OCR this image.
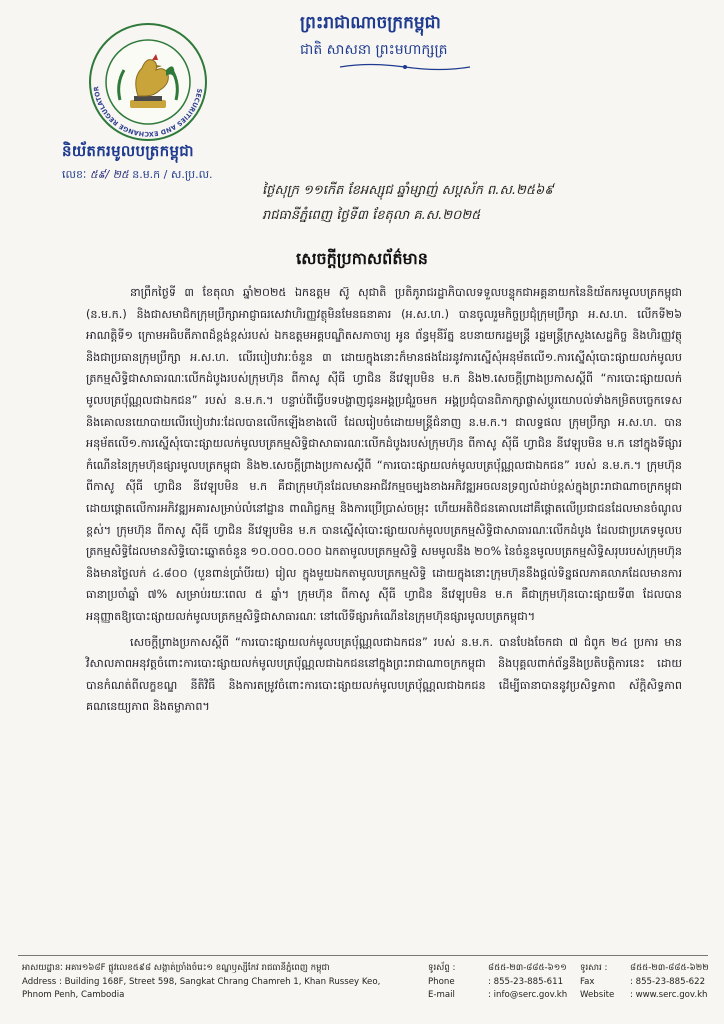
SECURITIES AND EXCHANGE REGULATOR
និយ័តករមូលបត្រកម្ពុជា
លេខៈ ៥៩/ ២៥ ន.ម.ក / ស.ប្រ.ល.
ព្រះរាជាណាចក្រកម្ពុជា
ជាតិ សាសនា ព្រះមហាក្សត្រ
ថ្ងៃសុក្រ ១១កើត ខែអស្សុជ ឆ្នាំម្សាញ់ សប្តស័ក ព.ស.២៥៦៩
រាជធានីភ្នំពេញ ថ្ងៃទី៣ ខែតុលា គ.ស.២០២៥
សេចក្តីប្រកាសព័ត៌មាន

នាព្រឹកថ្ងៃទី ៣ ខែតុលា ឆ្នាំ២០២៥ ឯកឧត្តម ស៊ូ សុជាតិ ប្រតិភូរាជរដ្ឋាភិបាលទទួលបន្ទុកជាអគ្គនាយកនៃនិយ័តករមូលបត្រកម្ពុជា (ន.ម.ក.) និងជាសមាជិកក្រុមប្រឹក្សាអាជ្ញាធរសេវាហិរញ្ញវត្ថុមិនមែនធនាគារ (អ.ស.ហ.) បានចូលរួមកិច្ចប្រជុំក្រុមប្រឹក្សា អ.ស.ហ. លើកទី២៦ អាណត្តិទី១ ក្រោមអធិបតីភាពដ៏ខ្ពង់ខ្ពស់របស់ ឯកឧត្តមអគ្គបណ្ឌិតសភាចារ្យ អូន ព័ន្ធមុនីរ័ត្ន ឧបនាយករដ្ឋមន្ត្រី រដ្ឋមន្ត្រីក្រសួងសេដ្ឋកិច្ច និងហិរញ្ញវត្ថុ និងជាប្រធានក្រុមប្រឹក្សា អ.ស.ហ. លើរបៀបវារៈចំនួន ៣ ដោយក្នុងនោះក៏មានផងដែរនូវការស្នើសុំអនុម័តលើ១.ការស្នើសុំបោះផ្សាយលក់មូលបត្រកម្មសិទ្ធិជាសាធារណៈលើកដំបូងរបស់ក្រុមហ៊ុន ពីកាសូ ស៊ីធី ហ្វាជិន នីវេឡុបមិន ម.ក និង២.សេចក្តីព្រាងប្រកាសស្តីពី “ការបោះផ្សាយលក់មូលបត្រប៉័ណ្ណលជាឯកជន” របស់ ន.ម.ក.។ បន្ទាប់ពីធ្វើបទបង្ហាញជូនអង្គប្រជុំរួចមក អង្គប្រជុំបានពិភាក្សាផ្លាស់ប្តូរយោបល់ទាំងកម្រិតបច្ចេកទេស និងគោលនយោបាយលើរបៀបវារៈដែលបានលើកឡើងខាងលើ ដែលរៀបចំដោយមន្ត្រីជំនាញ ន.ម.ក.។ ជាលទ្ធផល ក្រុមប្រឹក្សា អ.ស.ហ. បានអនុម័តលើ១.ការស្នើសុំបោះផ្សាយលក់មូលបត្រកម្មសិទ្ធិជាសាធារណៈលើកដំបូងរបស់ក្រុមហ៊ុន ពីកាសូ ស៊ីធី ហ្វាជិន នីវេឡុបមិន ម.ក នៅក្នុងទីផ្សារកំណើននៃក្រុមហ៊ុនផ្សារមូលបត្រកម្ពុជា និង២.សេចក្តីព្រាងប្រកាសស្តីពី “ការបោះផ្សាយលក់មូលបត្រប៉័ណ្ណលជាឯកជន” របស់ ន.ម.ក.។ ក្រុមហ៊ុន ពីកាសូ ស៊ីធី ហ្វាជិន នីវេឡុបមិន ម.ក គឺជាក្រុមហ៊ុនដែលមានអាជីវកម្មចម្បងខាងអភិវឌ្ឍអចលនទ្រព្យលំដាប់ខ្ពស់ក្នុងព្រះរាជាណាចក្រកម្ពុជា ដោយផ្តោតលើការអភិវឌ្ឍអគារសម្រាប់លំនៅដ្ឋាន ពាណិជ្ជកម្ម និងការប្រើប្រាស់ចម្រុះ ហើយអតិថិជនគោលដៅគឺផ្តោតលើប្រជាជនដែលមានចំណូលខ្ពស់។ ក្រុមហ៊ុន ពីកាសូ ស៊ីធី ហ្វាជិន នីវេឡុបមិន ម.ក បានស្នើសុំបោះផ្សាយលក់មូលបត្រកម្មសិទ្ធិជាសាធារណៈលើកដំបូង ដែលជាប្រភេទមូលបត្រកម្មសិទ្ធិដែលមានសិទ្ធិបោះឆ្នោតចំនួន ១០.០០០.០០០ ឯកតាមូលបត្រកម្មសិទ្ធិ សមមូលនឹង ២០% នៃចំនួនមូលបត្រកម្មសិទ្ធិសរុបរបស់ក្រុមហ៊ុន និងមានថ្លៃលក់ ៤.៨០០ (បួនពាន់ប្រាំបីរយ) រៀល ក្នុងមួយឯកតាមូលបត្រកម្មសិទ្ធិ ដោយក្នុងនោះក្រុមហ៊ុននឹងផ្តល់ទិន្នផលភាគលាភដែលមានការធានាប្រចាំឆ្នាំ ៧% សម្រាប់រយៈពេល ៥ ឆ្នាំ។ ក្រុមហ៊ុន ពីកាសូ ស៊ីធី ហ្វាជិន នីវេឡុបមិន ម.ក គឺជាក្រុមហ៊ុនបោះផ្សាយទី៣ ដែលបានអនុញ្ញាតឱ្យបោះផ្សាយលក់មូលបត្រកម្មសិទ្ធិជាសាធារណៈ នៅលើទីផ្សារកំណើននៃក្រុមហ៊ុនផ្សារមូលបត្រកម្ពុជា។

សេចក្តីព្រាងប្រកាសស្តីពី “ការបោះផ្សាយលក់មូលបត្រប៉័ណ្ណលជាឯកជន” របស់ ន.ម.ក. បានបែងចែកជា ៧ ជំពូក ២៤ ប្រការ មានវិសាលភាពអនុវត្តចំពោះការបោះផ្សាយលក់មូលបត្រប៉័ណ្ណលជាឯកជននៅក្នុងព្រះរាជាណាចក្រកម្ពុជា និងបុគ្គលពាក់ព័ន្ធនឹងប្រតិបត្តិការនេះ ដោយបានកំណត់ពីលក្ខខណ្ឌ នីតិវិធី និងការតម្រូវចំពោះការបោះផ្សាយលក់មូលបត្រប៉័ណ្ណលជាឯកជន ដើម្បីធានាបាននូវប្រសិទ្ធភាព ស័ក្តិសិទ្ធភាព គណនេយ្យភាព និងតម្លាភាព។

អាសយដ្ឋានៈ អគារ១៦៨F ផ្លូវលេខ៥៩៨ សង្កាត់ច្រាំងចំរេះ១ ខណ្ឌឫស្សីកែវ រាជធានីភ្នំពេញ កម្ពុជា
Address : Building 168F, Street 598, Sangkat Chrang Chamreh 1, Khan Russey Keo,
Phnom Penh, Cambodia
ទូរស័ព្ទ :	៨៥៥-២៣-៨៨៥-៦១១	ទូរសារ :	៨៥៥-២៣-៨៨៥-៦២២
Phone	: 855-23-885-611	Fax	: 855-23-885-622
E-mail	: info@serc.gov.kh	Website	: www.serc.gov.kh
